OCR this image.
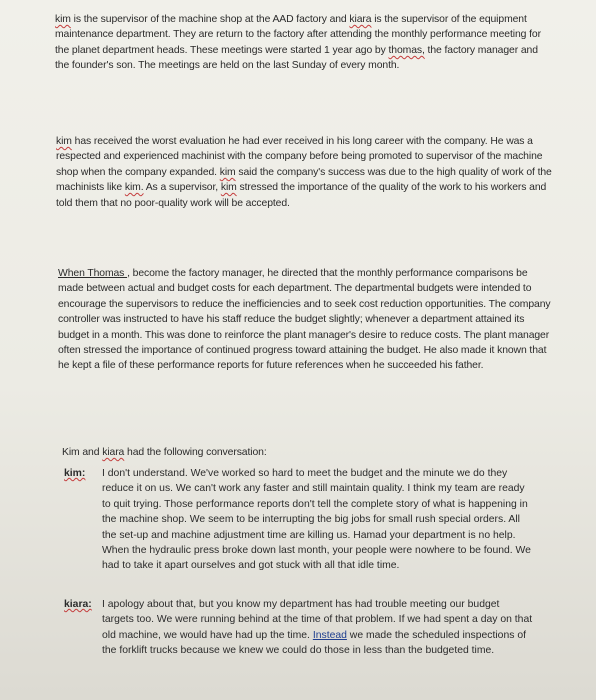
kim is the supervisor of the machine shop at the AAD factory and kiara is the supervisor of the equipment maintenance department. They are return to the factory after attending the monthly performance meeting for the planet department heads. These meetings were started 1 year ago by thomas, the factory manager and the founder's son. The meetings are held on the last Sunday of every month.

kim has received the worst evaluation he had ever received in his long career with the company. He was a respected and experienced machinist with the company before being promoted to supervisor of the machine shop when the company expanded. kim said the company's success was due to the high quality of work of the machinists like kim. As a supervisor, kim stressed the importance of the quality of the work to his workers and told them that no poor-quality work will be accepted.

When Thomas , become the factory manager, he directed that the monthly performance comparisons be made between actual and budget costs for each department. The departmental budgets were intended to encourage the supervisors to reduce the inefficiencies and to seek cost reduction opportunities. The company controller was instructed to have his staff reduce the budget slightly; whenever a department attained its budget in a month. This was done to reinforce the plant manager's desire to reduce costs. The plant manager often stressed the importance of continued progress toward attaining the budget. He also made it known that he kept a file of these performance reports for future references when he succeeded his father.

Kim and kiara had the following conversation:

kim: I don't understand. We've worked so hard to meet the budget and the minute we do they reduce it on us. We can't work any faster and still maintain quality. I think my team are ready to quit trying. Those performance reports don't tell the complete story of what is happening in the machine shop. We seem to be interrupting the big jobs for small rush special orders. All the set-up and machine adjustment time are killing us. Hamad your department is no help. When the hydraulic press broke down last month, your people were nowhere to be found. We had to take it apart ourselves and got stuck with all that idle time.
kiara: I apology about that, but you know my department has had trouble meeting our budget targets too. We were running behind at the time of that problem. If we had spent a day on that old machine, we would have had up the time. Instead we made the scheduled inspections of the forklift trucks because we knew we could do those in less than the budgeted time.
